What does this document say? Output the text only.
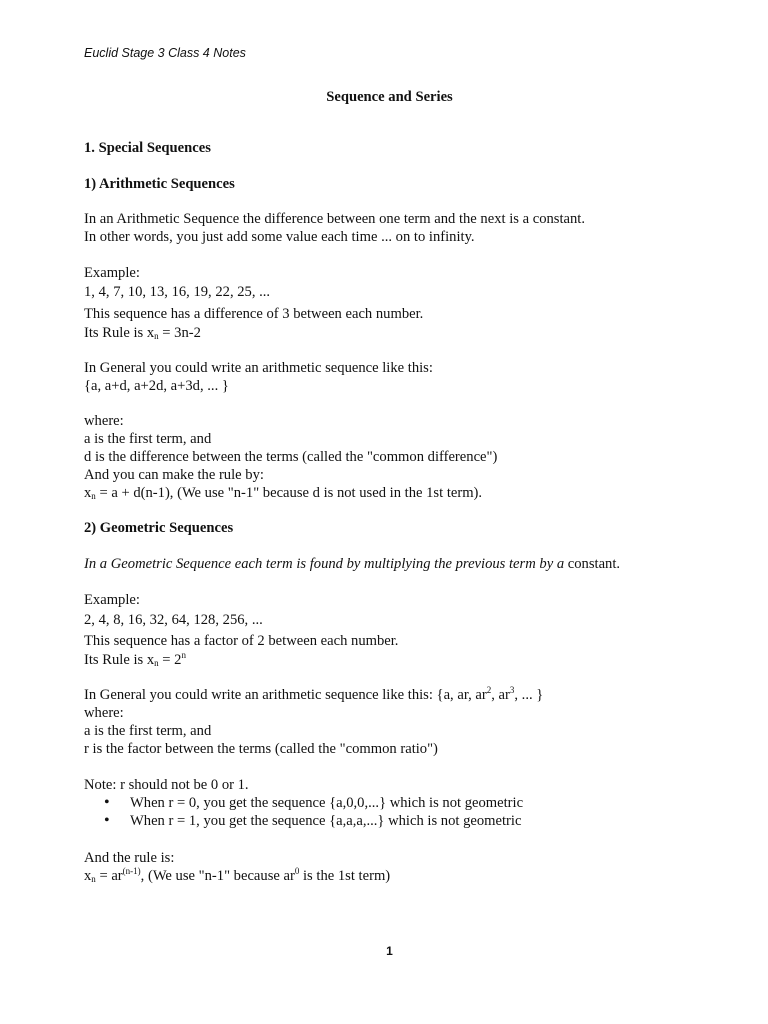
Euclid Stage 3 Class 4 Notes
Sequence and Series
1. Special Sequences
1) Arithmetic Sequences
In an Arithmetic Sequence the difference between one term and the next is a constant.
In other words, you just add some value each time ... on to infinity.
Example:
1, 4, 7, 10, 13, 16, 19, 22, 25, ...
This sequence has a difference of 3 between each number.
Its Rule is $x_n = 3n-2$
In General you could write an arithmetic sequence like this:
{a, a+d, a+2d, a+3d, ... }
where:
a is the first term, and
d is the difference between the terms (called the "common difference")
And you can make the rule by:
$x_n = a + d(n-1)$, (We use "n-1" because d is not used in the 1st term).
2) Geometric Sequences
In a Geometric Sequence each term is found by multiplying the previous term by a constant.
Example:
2, 4, 8, 16, 32, 64, 128, 256, ...
This sequence has a factor of 2 between each number.
Its Rule is $x_n = 2^n$
In General you could write an arithmetic sequence like this: {a, ar, $ar^2$, $ar^3$, ... }
where:
a is the first term, and
r is the factor between the terms (called the "common ratio")
Note: r should not be 0 or 1.
•	When r = 0, you get the sequence {a,0,0,...} which is not geometric
•	When r = 1, you get the sequence {a,a,a,...} which is not geometric
And the rule is:
$x_n = ar^{(n-1)}$, (We use "n-1" because $ar^0$ is the 1st term)
1
